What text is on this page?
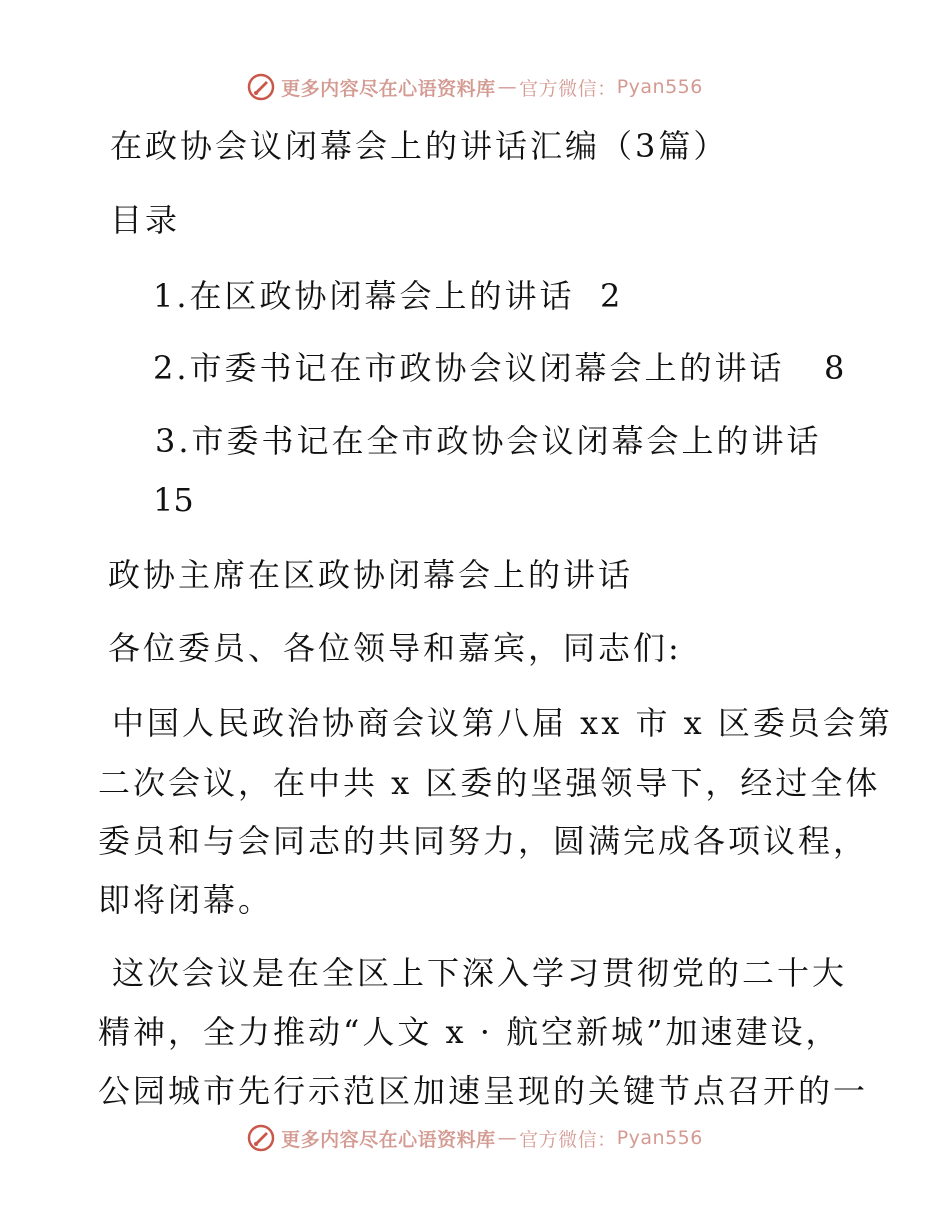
更多内容尽在心语资料库 — 官方微信： Pyan556
在政协会议闭幕会上的讲话汇编（3篇）
目录
1.在区政协闭幕会上的讲话 2
2.市委书记在市政协会议闭幕会上的讲话 8
3.市委书记在全市政协会议闭幕会上的讲话
15
政协主席在区政协闭幕会上的讲话
各位委员、各位领导和嘉宾，同志们:
中国人民政治协商会议第八届 xx 市 x 区委员会第
二次会议，在中共 x 区委的坚强领导下，经过全体
委员和与会同志的共同努力，圆满完成各项议程，
即将闭幕。
这次会议是在全区上下深入学习贯彻党的二十大
精神，全力推动“人文 x · 航空新城”加速建设，
公园城市先行示范区加速呈现的关键节点召开的一
更多内容尽在心语资料库 — 官方微信： Pyan556
